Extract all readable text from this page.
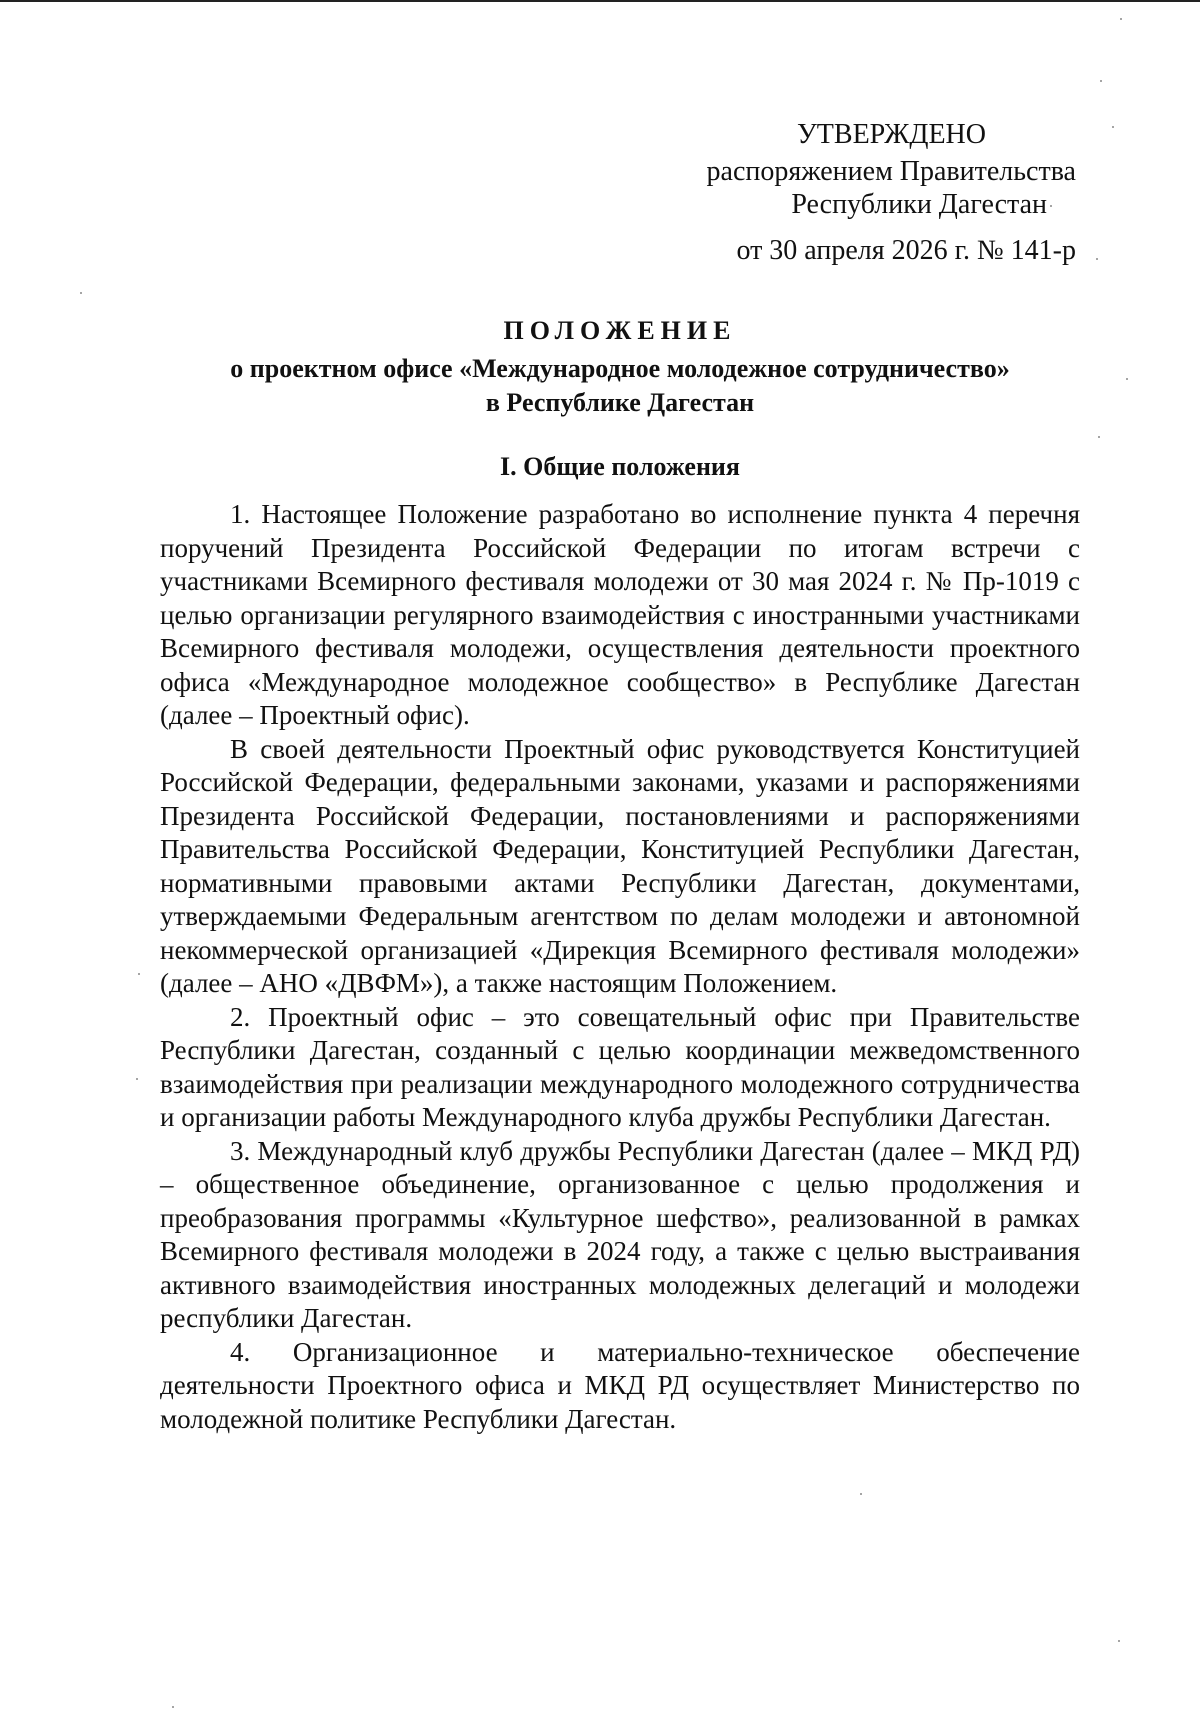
УТВЕРЖДЕНО
распоряжением Правительства
Республики Дагестан
от 30 апреля 2026 г. № 141-р
ПОЛОЖЕНИЕ
о проектном офисе «Международное молодежное сотрудничество»
в Республике Дагестан
I. Общие положения

1. Настоящее Положение разработано во исполнение пункта 4 перечня поручений Президента Российской Федерации по итогам встречи с участниками Всемирного фестиваля молодежи от 30 мая 2024 г. № Пр-1019 с целью организации регулярного взаимодействия с иностранными участниками Всемирного фестиваля молодежи, осуществления деятельности проектного офиса «Международное молодежное сообщество» в Республике Дагестан (далее – Проектный офис).

В своей деятельности Проектный офис руководствуется Конституцией Российской Федерации, федеральными законами, указами и распоряжениями Президента Российской Федерации, постановлениями и распоряжениями Правительства Российской Федерации, Конституцией Республики Дагестан, нормативными правовыми актами Республики Дагестан, документами, утверждаемыми Федеральным агентством по делам молодежи и автономной некоммерческой организацией «Дирекция Всемирного фестиваля молодежи» (далее – АНО «ДВФМ»), а также настоящим Положением.

2. Проектный офис – это совещательный офис при Правительстве Республики Дагестан, созданный с целью координации межведомственного взаимодействия при реализации международного молодежного сотрудничества и организации работы Международного клуба дружбы Республики Дагестан.

3. Международный клуб дружбы Республики Дагестан (далее – МКД РД) – общественное объединение, организованное с целью продолжения и преобразования программы «Культурное шефство», реализованной в рамках Всемирного фестиваля молодежи в 2024 году, а также с целью выстраивания активного взаимодействия иностранных молодежных делегаций и молодежи республики Дагестан.

4. Организационное и материально-техническое обеспечение деятельности Проектного офиса и МКД РД осуществляет Министерство по молодежной политике Республики Дагестан.
